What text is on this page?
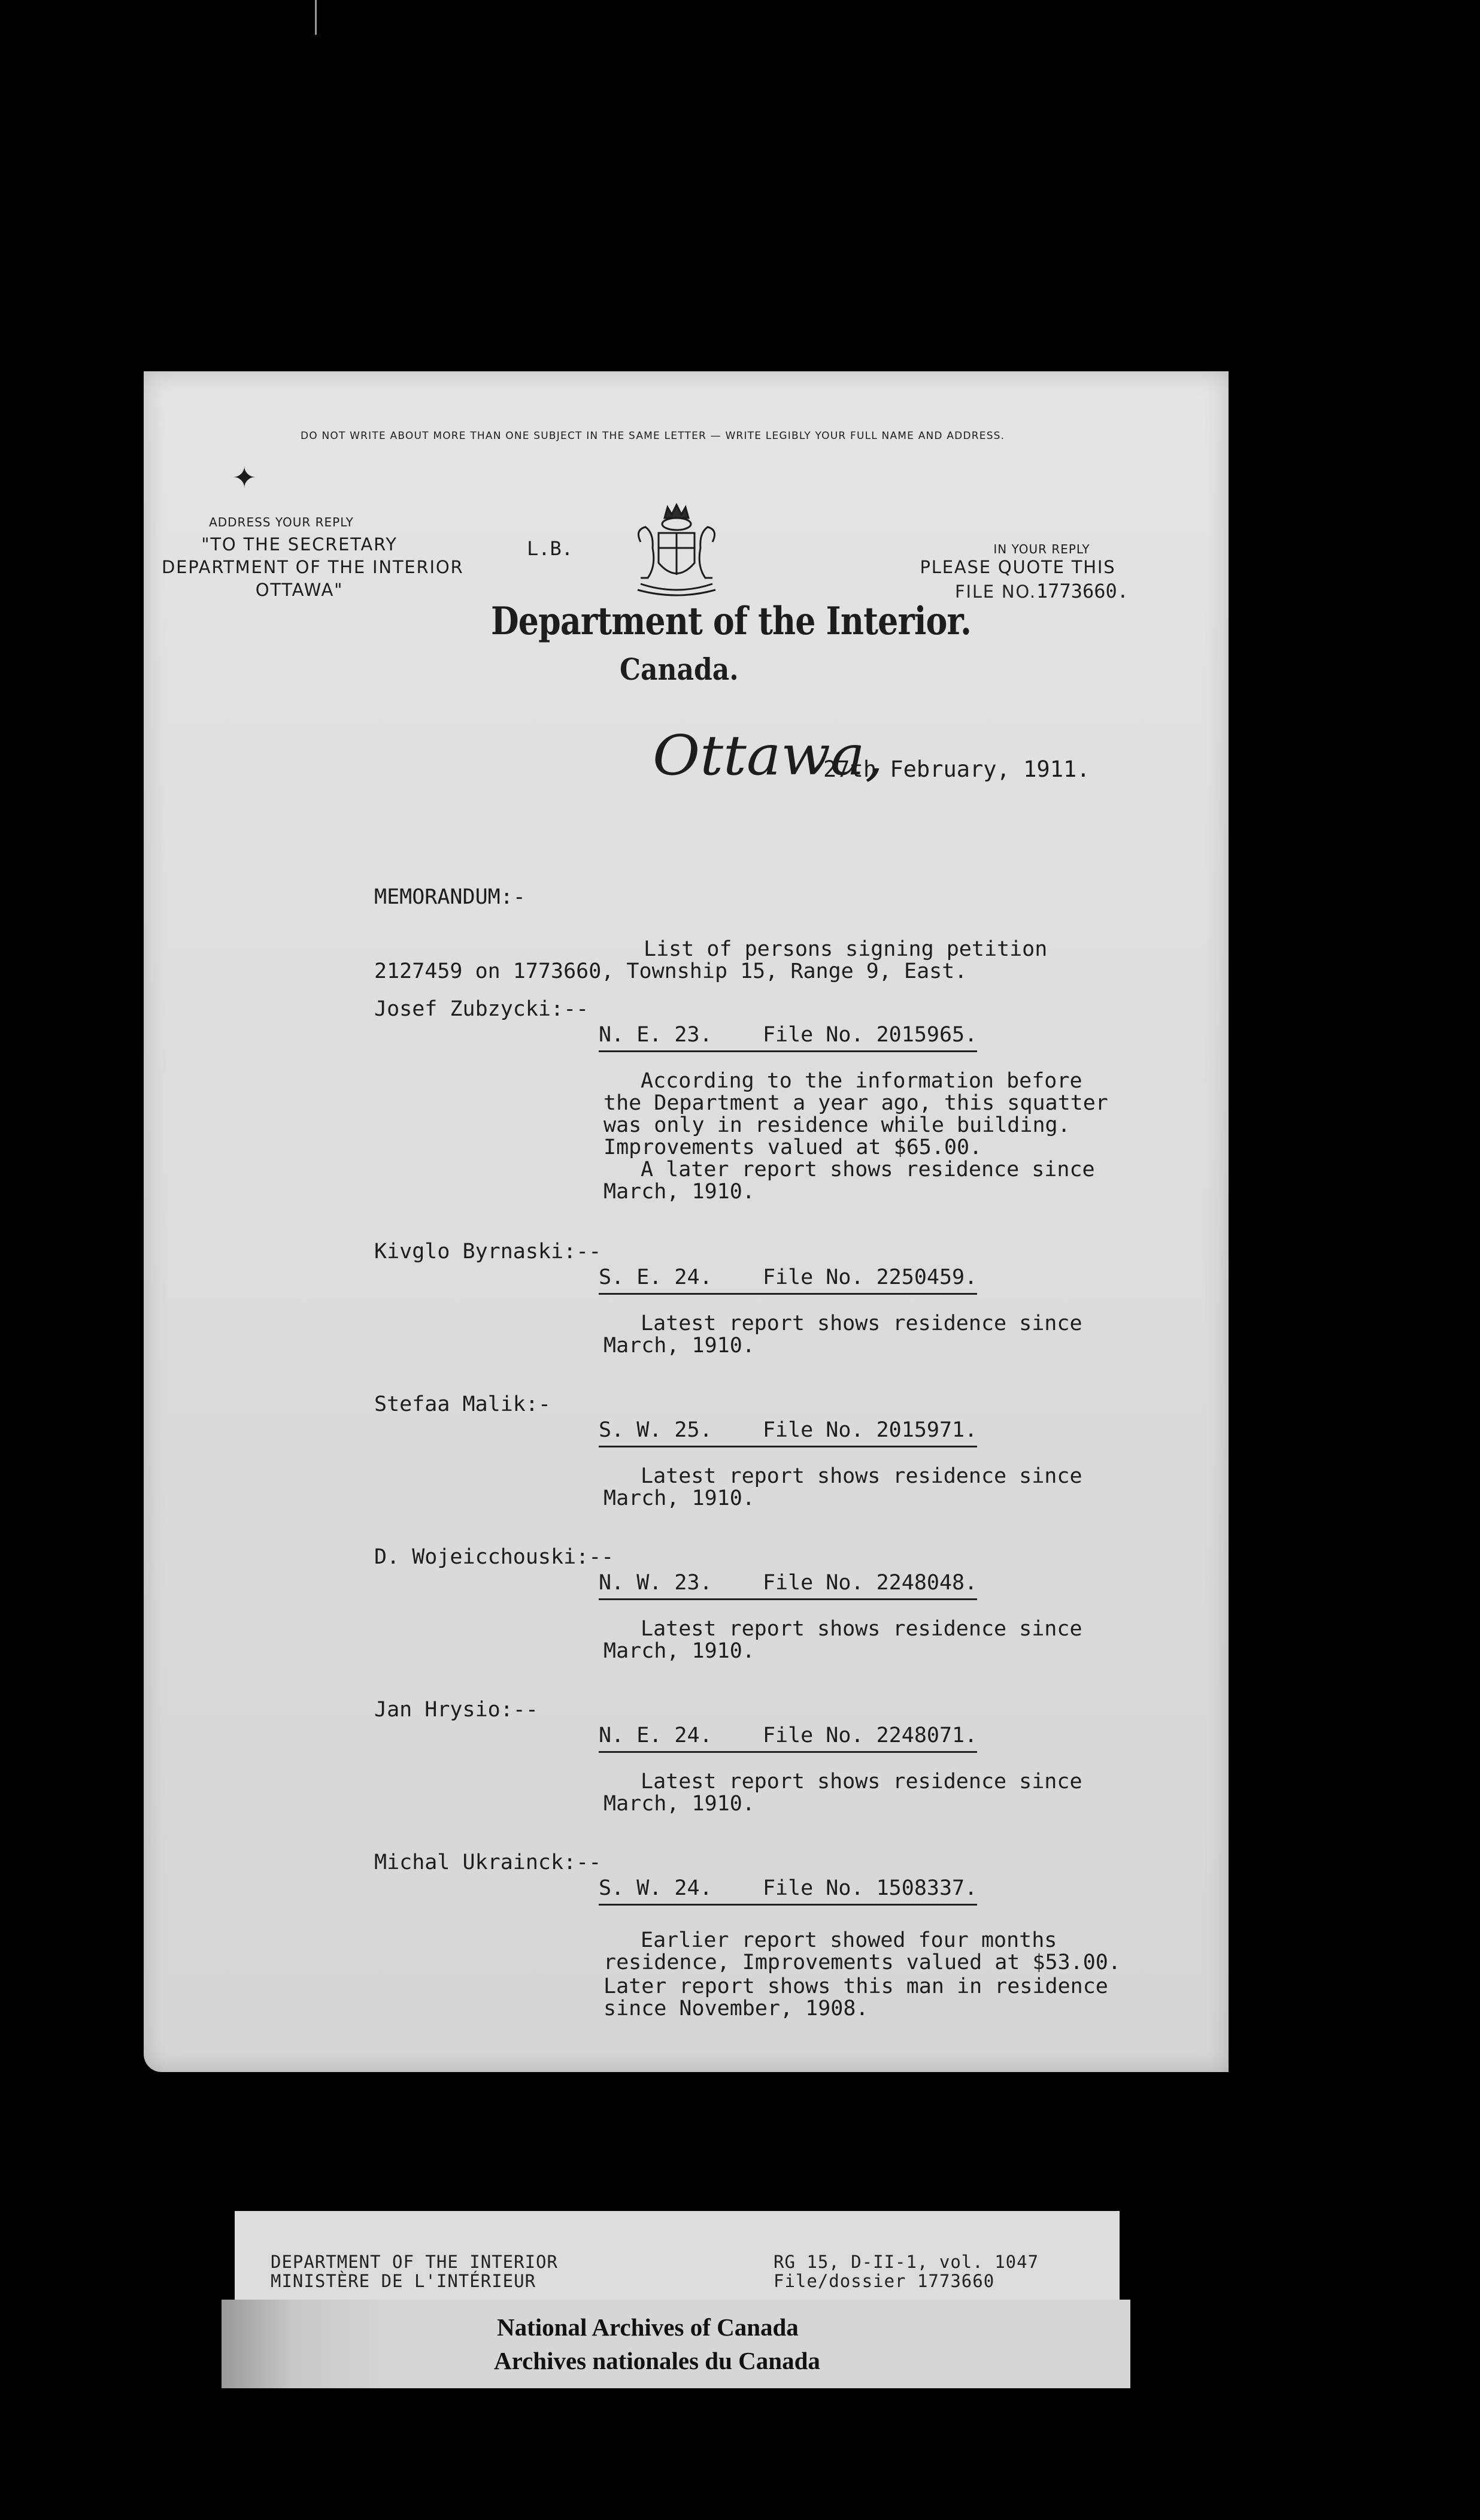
DO NOT WRITE ABOUT MORE THAN ONE SUBJECT IN THE SAME LETTER — WRITE LEGIBLY YOUR FULL NAME AND ADDRESS.
✦
ADDRESS YOUR REPLY
"TO THE SECRETARY
DEPARTMENT OF THE INTERIOR
OTTAWA"
L.B.
Department of the Interior.
Canada.
IN YOUR REPLY
PLEASE QUOTE THIS
FILE NO.1773660.
Ottawa,
27th February, 1911.
MEMORANDUM:-
List of persons signing petition
2127459 on 1773660, Township 15, Range 9, East.
Josef Zubzycki:--
N. E. 23. File No. 2015965.
According to the information before
the Department a year ago, this squatter
was only in residence while building.
Improvements valued at $65.00.
A later report shows residence since
March, 1910.
Kivglo Byrnaski:--
S. E. 24. File No. 2250459.
Latest report shows residence since
March, 1910.
Stefaa Malik:-
S. W. 25. File No. 2015971.
Latest report shows residence since
March, 1910.
D. Wojeicchouski:--
N. W. 23. File No. 2248048.
Latest report shows residence since
March, 1910.
Jan Hrysio:--
N. E. 24. File No. 2248071.
Latest report shows residence since
March, 1910.
Michal Ukrainck:--
S. W. 24. File No. 1508337.
Earlier report showed four months
residence, Improvements valued at $53.00.
Later report shows this man in residence
since November, 1908.
DEPARTMENT OF THE INTERIOR
MINISTÈRE DE L'INTÉRIEUR
RG 15, D-II-1, vol. 1047
File/dossier 1773660
National Archives of Canada
Archives nationales du Canada
